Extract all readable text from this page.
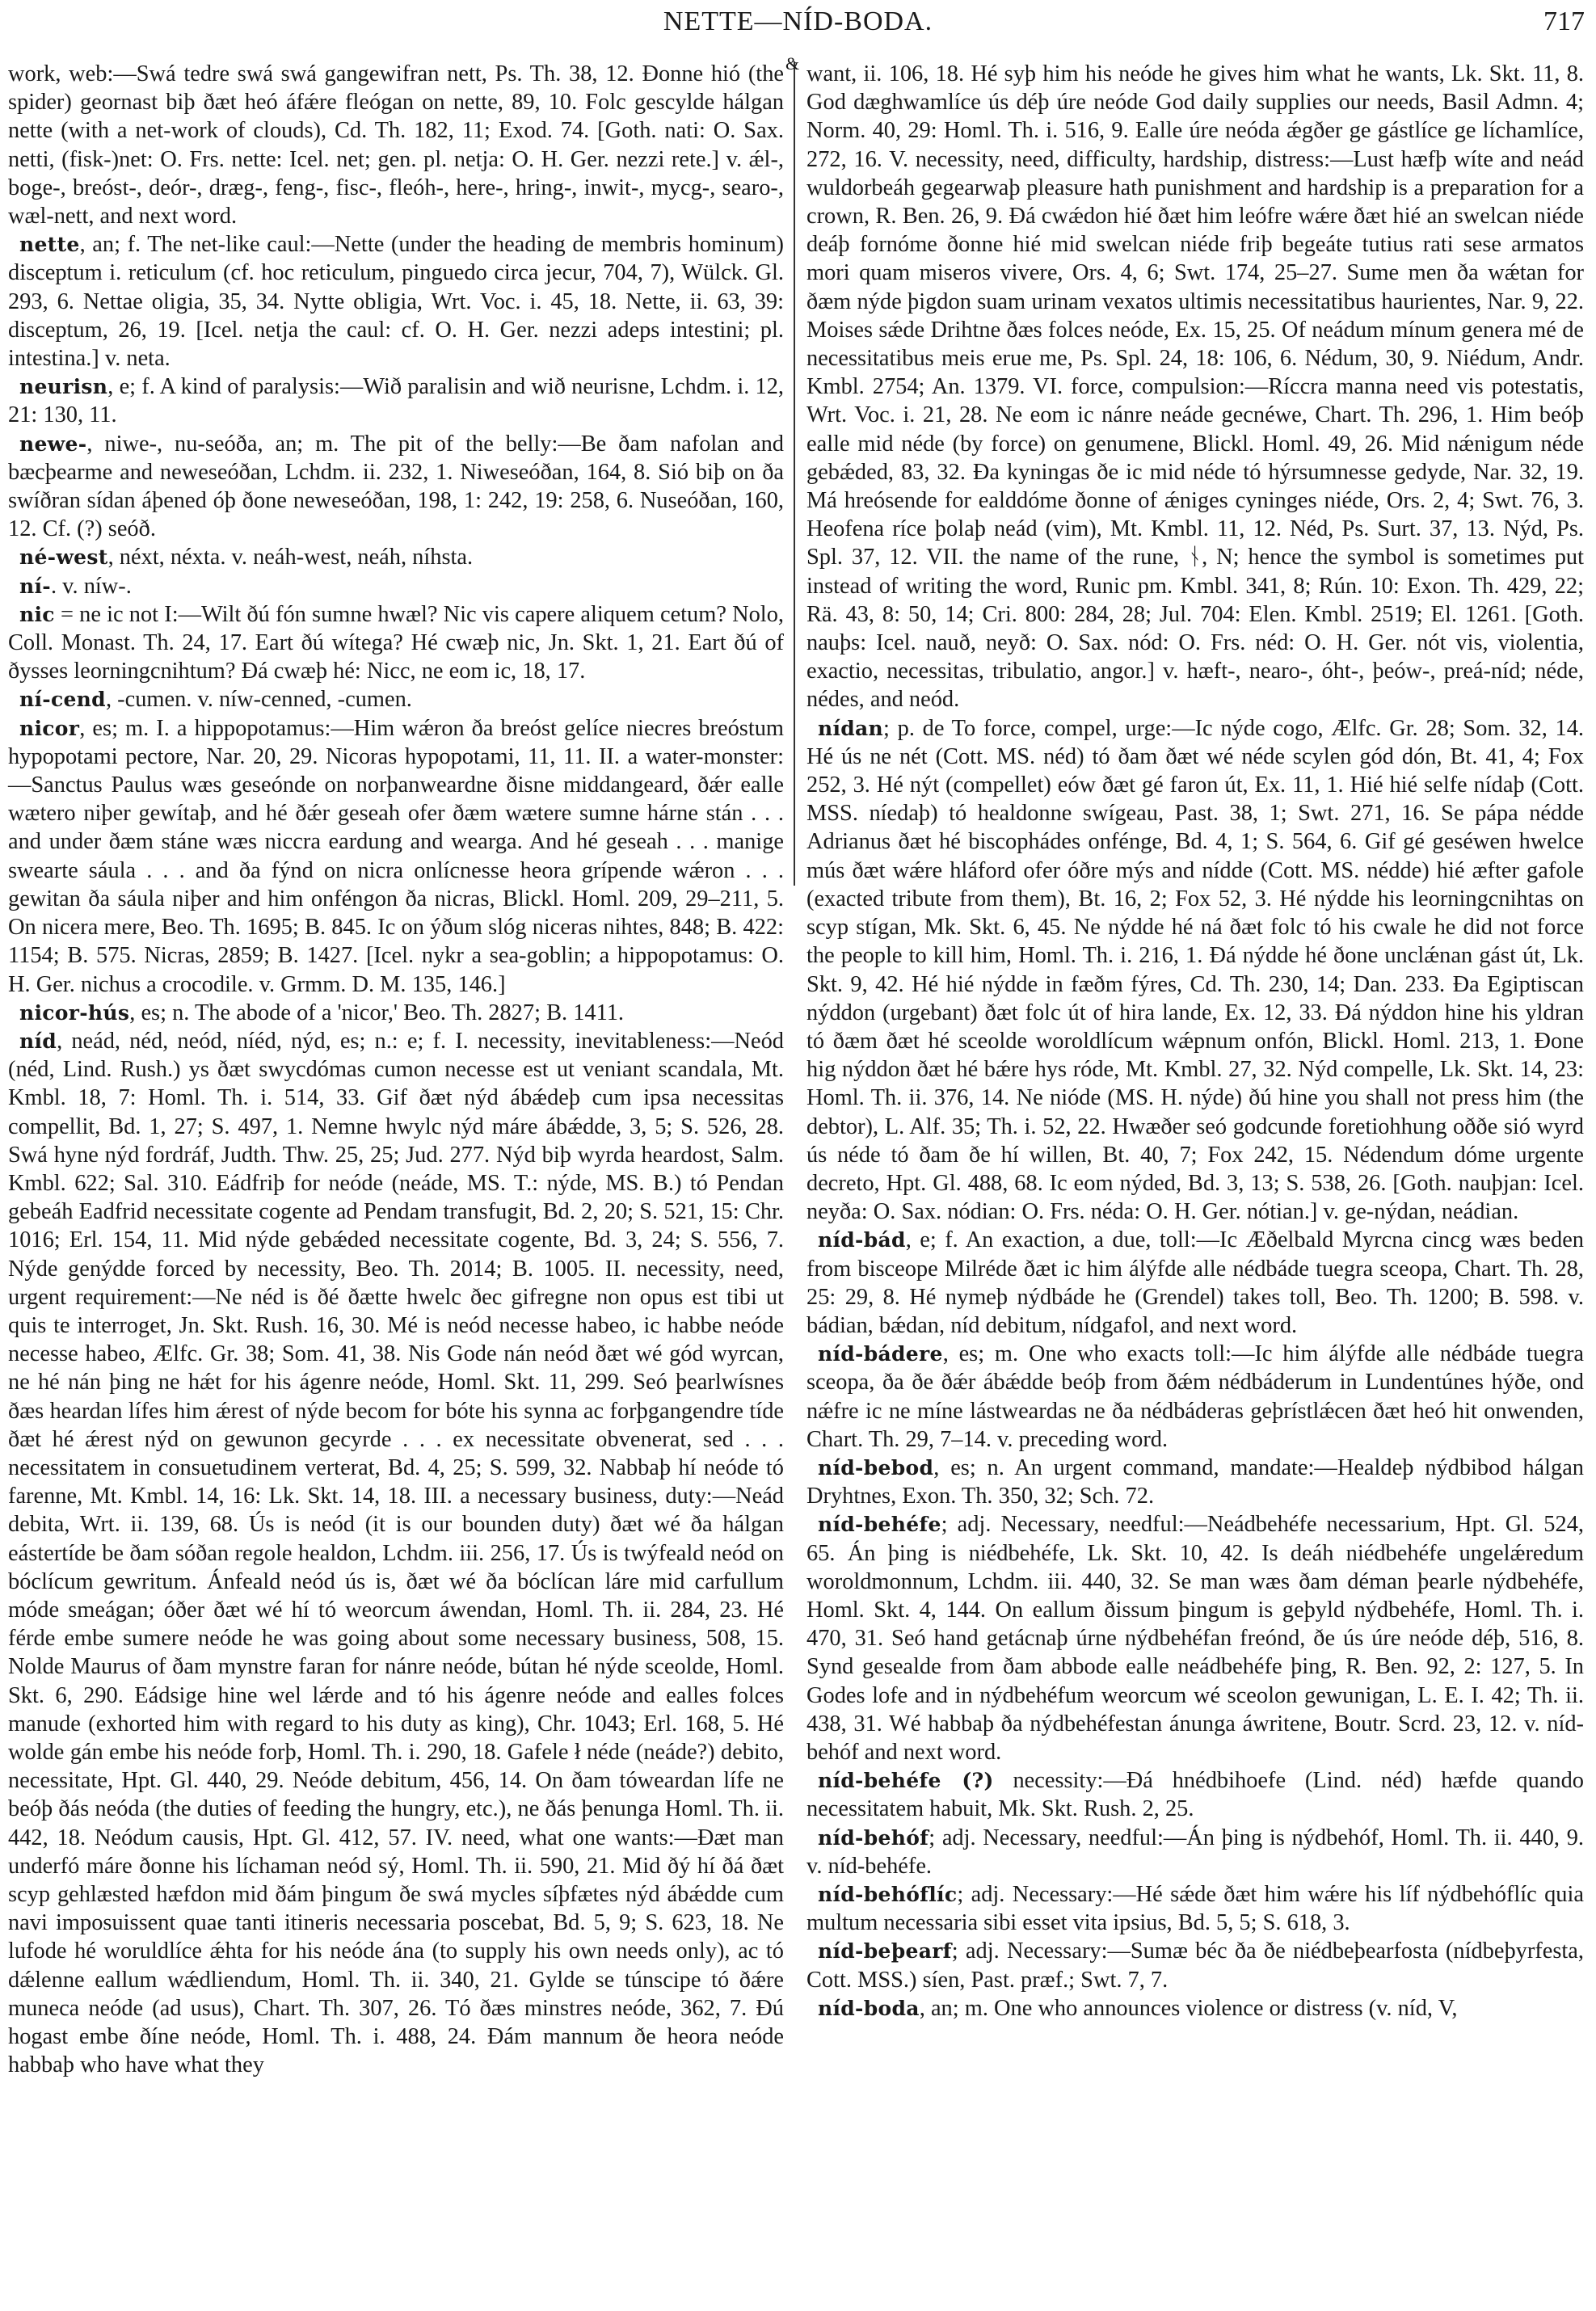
NETTE—NÍD-BODA.	717

work, web:—Swá tedre swá swá gangewifran nett, Ps. Th. 38, 12. Ðonne hió (the spider) geornast biþ ðæt heó áfǽre fleógan on nette, 89, 10. Folc gescylde hálgan nette (with a net-work of clouds), Cd. Th. 182, 11; Exod. 74. [Goth. nati: O. Sax. netti, (fisk-)net: O. Frs. nette: Icel. net; gen. pl. netja: O. H. Ger. nezzi rete.] v. ǽl-, boge-, breóst-, deór-, dræg-, feng-, fisc-, fleóh-, here-, hring-, inwit-, mycg-, searo-, wæl-nett, and next word.

nette, an; f. The net-like caul:—Nette (under the heading de membris hominum) disceptum i. reticulum (cf. hoc reticulum, pinguedo circa jecur, 704, 7), Wülck. Gl. 293, 6. Nettae oligia, 35, 34. Nytte obligia, Wrt. Voc. i. 45, 18. Nette, ii. 63, 39: disceptum, 26, 19. [Icel. netja the caul: cf. O. H. Ger. nezzi adeps intestini; pl. intestina.] v. neta.

neurisn, e; f. A kind of paralysis:—Wið paralisin and wið neurisne, Lchdm. i. 12, 21: 130, 11.

newe-, niwe-, nu-seóða, an; m. The pit of the belly:—Be ðam nafolan and bæcþearme and neweseóðan, Lchdm. ii. 232, 1. Niweseóðan, 164, 8. Sió biþ on ða swíðran sídan áþened óþ ðone neweseóðan, 198, 1: 242, 19: 258, 6. Nuseóðan, 160, 12. Cf. (?) seóð.

né-west, néxt, néxta. v. neáh-west, neáh, níhsta.

ní-. v. níw-.

nic = ne ic not I:—Wilt ðú fón sumne hwæl? Nic vis capere aliquem cetum? Nolo, Coll. Monast. Th. 24, 17. Eart ðú wítega? Hé cwæþ nic, Jn. Skt. 1, 21. Eart ðú of ðysses leorningcnihtum? Ðá cwæþ hé: Nicc, ne eom ic, 18, 17.

ní-cend, -cumen. v. níw-cenned, -cumen.

nicor, es; m. I. a hippopotamus:—Him wǽron ða breóst gelíce niecres breóstum hypopotami pectore, Nar. 20, 29. Nicoras hypopotami, 11, 11. II. a water-monster:—Sanctus Paulus wæs geseónde on norþanweardne ðisne middangeard, ðǽr ealle wætero niþer gewítaþ, and hé ðǽr geseah ofer ðæm wætere sumne hárne stán . . . and under ðæm stáne wæs niccra eardung and wearga. And hé geseah . . . manige swearte sáula . . . and ða fýnd on nicra onlícnesse heora grípende wǽron . . . gewitan ða sáula niþer and him onféngon ða nicras, Blickl. Homl. 209, 29–211, 5. On nicera mere, Beo. Th. 1695; B. 845. Ic on ýðum slóg niceras nihtes, 848; B. 422: 1154; B. 575. Nicras, 2859; B. 1427. [Icel. nykr a sea-goblin; a hippopotamus: O. H. Ger. nichus a crocodile. v. Grmm. D. M. 135, 146.]

nicor-hús, es; n. The abode of a 'nicor,' Beo. Th. 2827; B. 1411.

níd, neád, néd, neód, níéd, nýd, es; n.: e; f. I. necessity, inevitableness:—Neód (néd, Lind. Rush.) ys ðæt swycdómas cumon necesse est ut veniant scandala, Mt. Kmbl. 18, 7: Homl. Th. i. 514, 33. Gif ðæt nýd ábǽdeþ cum ipsa necessitas compellit, Bd. 1, 27; S. 497, 1. Nemne hwylc nýd máre ábǽdde, 3, 5; S. 526, 28. Swá hyne nýd fordráf, Judth. Thw. 25, 25; Jud. 277. Nýd biþ wyrda heardost, Salm. Kmbl. 622; Sal. 310. Eádfriþ for neóde (neáde, MS. T.: nýde, MS. B.) tó Pendan gebeáh Eadfrid necessitate cogente ad Pendam transfugit, Bd. 2, 20; S. 521, 15: Chr. 1016; Erl. 154, 11. Mid nýde gebǽded necessitate cogente, Bd. 3, 24; S. 556, 7. Nýde genýdde forced by necessity, Beo. Th. 2014; B. 1005. II. necessity, need, urgent requirement:—Ne néd is ðé ðætte hwelc ðec gifregne non opus est tibi ut quis te interroget, Jn. Skt. Rush. 16, 30. Mé is neód necesse habeo, ic habbe neóde necesse habeo, Ælfc. Gr. 38; Som. 41, 38. Nis Gode nán neód ðæt wé gód wyrcan, ne hé nán þing ne hǽt for his ágenre neóde, Homl. Skt. 11, 299. Seó þearlwísnes ðæs heardan lífes him ǽrest of nýde becom for bóte his synna ac forþgangendre tíde ðæt hé ǽrest nýd on gewunon gecyrde . . . ex necessitate obvenerat, sed . . . necessitatem in consuetudinem verterat, Bd. 4, 25; S. 599, 32. Nabbaþ hí neóde tó farenne, Mt. Kmbl. 14, 16: Lk. Skt. 14, 18. III. a necessary business, duty:—Neád debita, Wrt. ii. 139, 68. Ús is neód (it is our bounden duty) ðæt wé ða hálgan eástertíde be ðam sóðan regole healdon, Lchdm. iii. 256, 17. Ús is twýfeald neód on bóclícum gewritum. Ánfeald neód ús is, ðæt wé ða bóclícan láre mid carfullum móde smeágan; óðer ðæt wé hí tó weorcum áwendan, Homl. Th. ii. 284, 23. Hé férde embe sumere neóde he was going about some necessary business, 508, 15. Nolde Maurus of ðam mynstre faran for nánre neóde, bútan hé nýde sceolde, Homl. Skt. 6, 290. Eádsige hine wel lǽrde and tó his ágenre neóde and ealles folces manude (exhorted him with regard to his duty as king), Chr. 1043; Erl. 168, 5. Hé wolde gán embe his neóde forþ, Homl. Th. i. 290, 18. Gafele ł néde (neáde?) debito, necessitate, Hpt. Gl. 440, 29. Neóde debitum, 456, 14. On ðam tóweardan lífe ne beóþ ðás neóda (the duties of feeding the hungry, etc.), ne ðás þenunga Homl. Th. ii. 442, 18. Neódum causis, Hpt. Gl. 412, 57. IV. need, what one wants:—Ðæt man underfó máre ðonne his líchaman neód sý, Homl. Th. ii. 590, 21. Mid ðý hí ðá ðæt scyp gehlæsted hæfdon mid ðám þingum ðe swá mycles síþfætes nýd ábǽdde cum navi imposuissent quae tanti itineris necessaria poscebat, Bd. 5, 9; S. 623, 18. Ne lufode hé woruldlíce ǽhta for his neóde ána (to supply his own needs only), ac tó dǽlenne eallum wǽdliendum, Homl. Th. ii. 340, 21. Gylde se túnscipe tó ðǽre muneca neóde (ad usus), Chart. Th. 307, 26. Tó ðæs minstres neóde, 362, 7. Ðú hogast embe ðíne neóde, Homl. Th. i. 488, 24. Ðám mannum ðe heora neóde habbaþ who have what they

& want, ii. 106, 18. Hé syþ him his neóde he gives him what he wants, Lk. Skt. 11, 8. God dæghwamlíce ús déþ úre neóde God daily supplies our needs, Basil Admn. 4; Norm. 40, 29: Homl. Th. i. 516, 9. Ealle úre neóda ǽgðer ge gástlíce ge líchamlíce, 272, 16. V. necessity, need, difficulty, hardship, distress:—Lust hæfþ wíte and neád wuldorbeáh gegearwaþ pleasure hath punishment and hardship is a preparation for a crown, R. Ben. 26, 9. Ðá cwǽdon hié ðæt him leófre wǽre ðæt hié an swelcan niéde deáþ fornóme ðonne hié mid swelcan niéde friþ begeáte tutius rati sese armatos mori quam miseros vivere, Ors. 4, 6; Swt. 174, 25–27. Sume men ða wǽtan for ðæm nýde þigdon suam urinam vexatos ultimis necessitatibus haurientes, Nar. 9, 22. Moises sǽde Drihtne ðæs folces neóde, Ex. 15, 25. Of neádum mínum genera mé de necessitatibus meis erue me, Ps. Spl. 24, 18: 106, 6. Nédum, 30, 9. Niédum, Andr. Kmbl. 2754; An. 1379. VI. force, compulsion:—Ríccra manna need vis potestatis, Wrt. Voc. i. 21, 28. Ne eom ic nánre neáde gecnéwe, Chart. Th. 296, 1. Him beóþ ealle mid néde (by force) on genumene, Blickl. Homl. 49, 26. Mid nǽnigum néde gebǽded, 83, 32. Ða kyningas ðe ic mid néde tó hýrsumnesse gedyde, Nar. 32, 19. Má hreósende for ealddóme ðonne of ǽniges cyninges niéde, Ors. 2, 4; Swt. 76, 3. Heofena ríce þolaþ neád (vim), Mt. Kmbl. 11, 12. Néd, Ps. Surt. 37, 13. Nýd, Ps. Spl. 37, 12. VII. the name of the rune, ᚾ, N; hence the symbol is sometimes put instead of writing the word, Runic pm. Kmbl. 341, 8; Rún. 10: Exon. Th. 429, 22; Rä. 43, 8: 50, 14; Cri. 800: 284, 28; Jul. 704: Elen. Kmbl. 2519; El. 1261. [Goth. nauþs: Icel. nauð, neyð: O. Sax. nód: O. Frs. néd: O. H. Ger. nót vis, violentia, exactio, necessitas, tribulatio, angor.] v. hæft-, nearo-, óht-, þeów-, preá-níd; néde, nédes, and neód.

nídan; p. de To force, compel, urge:—Ic nýde cogo, Ælfc. Gr. 28; Som. 32, 14. Hé ús ne nét (Cott. MS. néd) tó ðam ðæt wé néde scylen gód dón, Bt. 41, 4; Fox 252, 3. Hé nýt (compellet) eów ðæt gé faron út, Ex. 11, 1. Hié hié selfe nídaþ (Cott. MSS. níedaþ) tó healdonne swígeau, Past. 38, 1; Swt. 271, 16. Se pápa nédde Adrianus ðæt hé biscophádes onfénge, Bd. 4, 1; S. 564, 6. Gif gé geséwen hwelce mús ðæt wǽre hláford ofer óðre mýs and nídde (Cott. MS. nédde) hié æfter gafole (exacted tribute from them), Bt. 16, 2; Fox 52, 3. Hé nýdde his leorningcnihtas on scyp stígan, Mk. Skt. 6, 45. Ne nýdde hé ná ðæt folc tó his cwale he did not force the people to kill him, Homl. Th. i. 216, 1. Ðá nýdde hé ðone unclǽnan gást út, Lk. Skt. 9, 42. Hé hié nýdde in fæðm fýres, Cd. Th. 230, 14; Dan. 233. Ða Egiptiscan nýddon (urgebant) ðæt folc út of hira lande, Ex. 12, 33. Ðá nýddon hine his yldran tó ðæm ðæt hé sceolde woroldlícum wǽpnum onfón, Blickl. Homl. 213, 1. Ðone hig nýddon ðæt hé bǽre hys róde, Mt. Kmbl. 27, 32. Nýd compelle, Lk. Skt. 14, 23: Homl. Th. ii. 376, 14. Ne nióde (MS. H. nýde) ðú hine you shall not press him (the debtor), L. Alf. 35; Th. i. 52, 22. Hwæðer seó godcunde foretiohhung oððe sió wyrd ús néde tó ðam ðe hí willen, Bt. 40, 7; Fox 242, 15. Nédendum dóme urgente decreto, Hpt. Gl. 488, 68. Ic eom nýded, Bd. 3, 13; S. 538, 26. [Goth. nauþjan: Icel. neyða: O. Sax. nódian: O. Frs. néda: O. H. Ger. nótian.] v. ge-nýdan, neádian.

níd-bád, e; f. An exaction, a due, toll:—Ic Æðelbald Myrcna cincg wæs beden from bisceope Milréde ðæt ic him álýfde alle nédbáde tuegra sceopa, Chart. Th. 28, 25: 29, 8. Hé nymeþ nýdbáde he (Grendel) takes toll, Beo. Th. 1200; B. 598. v. bádian, bǽdan, níd debitum, nídgafol, and next word.

níd-bádere, es; m. One who exacts toll:—Ic him álýfde alle nédbáde tuegra sceopa, ða ðe ðǽr ábǽdde beóþ from ðǽm nédbáderum in Lundentúnes hýðe, ond nǽfre ic ne míne lástweardas ne ða nédbáderas geþrístlǽcen ðæt heó hit onwenden, Chart. Th. 29, 7–14. v. preceding word.

níd-bebod, es; n. An urgent command, mandate:—Healdeþ nýdbibod hálgan Dryhtnes, Exon. Th. 350, 32; Sch. 72.

níd-behéfe; adj. Necessary, needful:—Neádbehéfe necessarium, Hpt. Gl. 524, 65. Án þing is niédbehéfe, Lk. Skt. 10, 42. Is deáh niédbehéfe ungelǽredum woroldmonnum, Lchdm. iii. 440, 32. Se man wæs ðam déman þearle nýdbehéfe, Homl. Skt. 4, 144. On eallum ðissum þingum is geþyld nýdbehéfe, Homl. Th. i. 470, 31. Seó hand getácnaþ úrne nýdbehéfan freónd, ðe ús úre neóde déþ, 516, 8. Synd gesealde from ðam abbode ealle neádbehéfe þing, R. Ben. 92, 2: 127, 5. In Godes lofe and in nýdbehéfum weorcum wé sceolon gewunigan, L. E. I. 42; Th. ii. 438, 31. Wé habbaþ ða nýdbehéfestan ánunga áwritene, Boutr. Scrd. 23, 12. v. níd-behóf and next word.

níd-behéfe (?) necessity:—Ðá hnédbihoefe (Lind. néd) hæfde quando necessitatem habuit, Mk. Skt. Rush. 2, 25.

níd-behóf; adj. Necessary, needful:—Án þing is nýdbehóf, Homl. Th. ii. 440, 9. v. níd-behéfe.

níd-behóflíc; adj. Necessary:—Hé sǽde ðæt him wǽre his líf nýdbehóflíc quia multum necessaria sibi esset vita ipsius, Bd. 5, 5; S. 618, 3.

níd-beþearf; adj. Necessary:—Sumæ béc ða ðe niédbeþearfosta (nídbeþyrfesta, Cott. MSS.) síen, Past. præf.; Swt. 7, 7.

níd-boda, an; m. One who announces violence or distress (v. níd, V,
